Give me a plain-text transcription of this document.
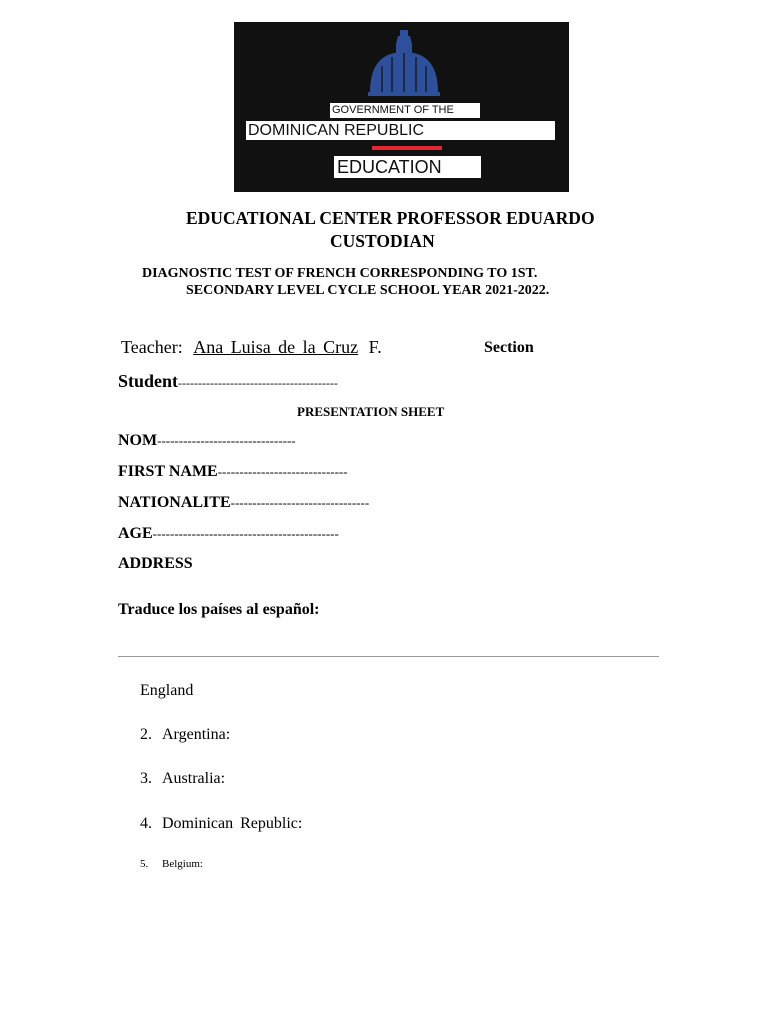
GOVERNMENT OF THE
DOMINICAN REPUBLIC
EDUCATION
EDUCATIONAL CENTER PROFESSOR EDUARDO
CUSTODIAN
DIAGNOSTIC TEST OF FRENCH CORRESPONDING TO 1ST.
SECONDARY LEVEL CYCLE SCHOOL YEAR 2021-2022.
Teacher: Ana Luisa de la Cruz F.	Section
Student----------------------------------------
PRESENTATION SHEET
NOM--------------------------------
FIRST NAME------------------------------
NATIONALITE--------------------------------
AGE-------------------------------------------
ADDRESS
Traduce los países al español:
England
2. Argentina:
3. Australia:
4. Dominican Republic:
5. Belgium:
